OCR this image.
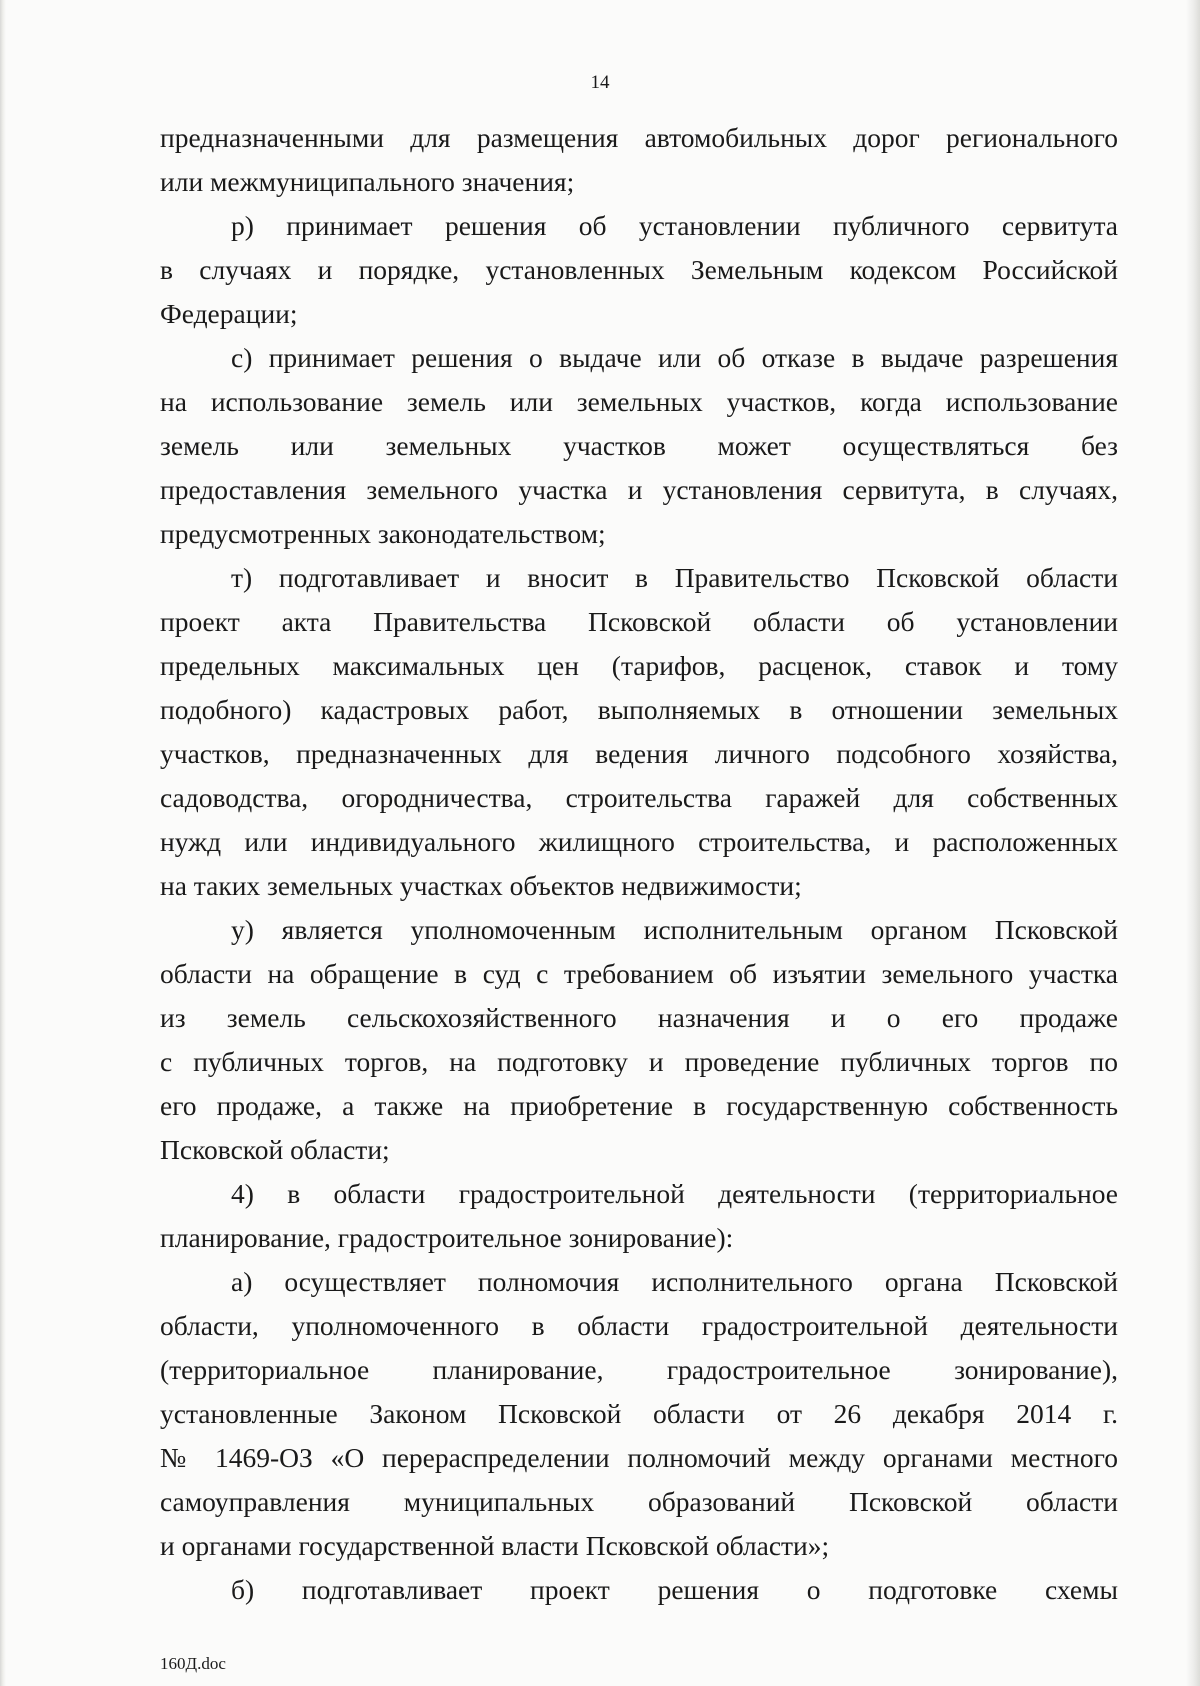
14
предназначенными для размещения автомобильных дорог регионального
или межмуниципального значения;
р) принимает решения об установлении публичного сервитута
в случаях и порядке, установленных Земельным кодексом Российской
Федерации;
с) принимает решения о выдаче или об отказе в выдаче разрешения
на использование земель или земельных участков, когда использование
земель или земельных участков может осуществляться без
предоставления земельного участка и установления сервитута, в случаях,
предусмотренных законодательством;
т) подготавливает и вносит в Правительство Псковской области
проект акта Правительства Псковской области об установлении
предельных максимальных цен (тарифов, расценок, ставок и тому
подобного) кадастровых работ, выполняемых в отношении земельных
участков, предназначенных для ведения личного подсобного хозяйства,
садоводства, огородничества, строительства гаражей для собственных
нужд или индивидуального жилищного строительства, и расположенных
на таких земельных участках объектов недвижимости;
у) является уполномоченным исполнительным органом Псковской
области на обращение в суд с требованием об изъятии земельного участка
из земель сельскохозяйственного назначения и о его продаже
с публичных торгов, на подготовку и проведение публичных торгов по
его продаже, а также на приобретение в государственную собственность
Псковской области;
4) в области градостроительной деятельности (территориальное
планирование, градостроительное зонирование):
а) осуществляет полномочия исполнительного органа Псковской
области, уполномоченного в области градостроительной деятельности
(территориальное планирование, градостроительное зонирование),
установленные Законом Псковской области от 26 декабря 2014 г.
№ 1469-ОЗ «О перераспределении полномочий между органами местного
самоуправления муниципальных образований Псковской области
и органами государственной власти Псковской области»;
б) подготавливает проект решения о подготовке схемы
160Д.doc
